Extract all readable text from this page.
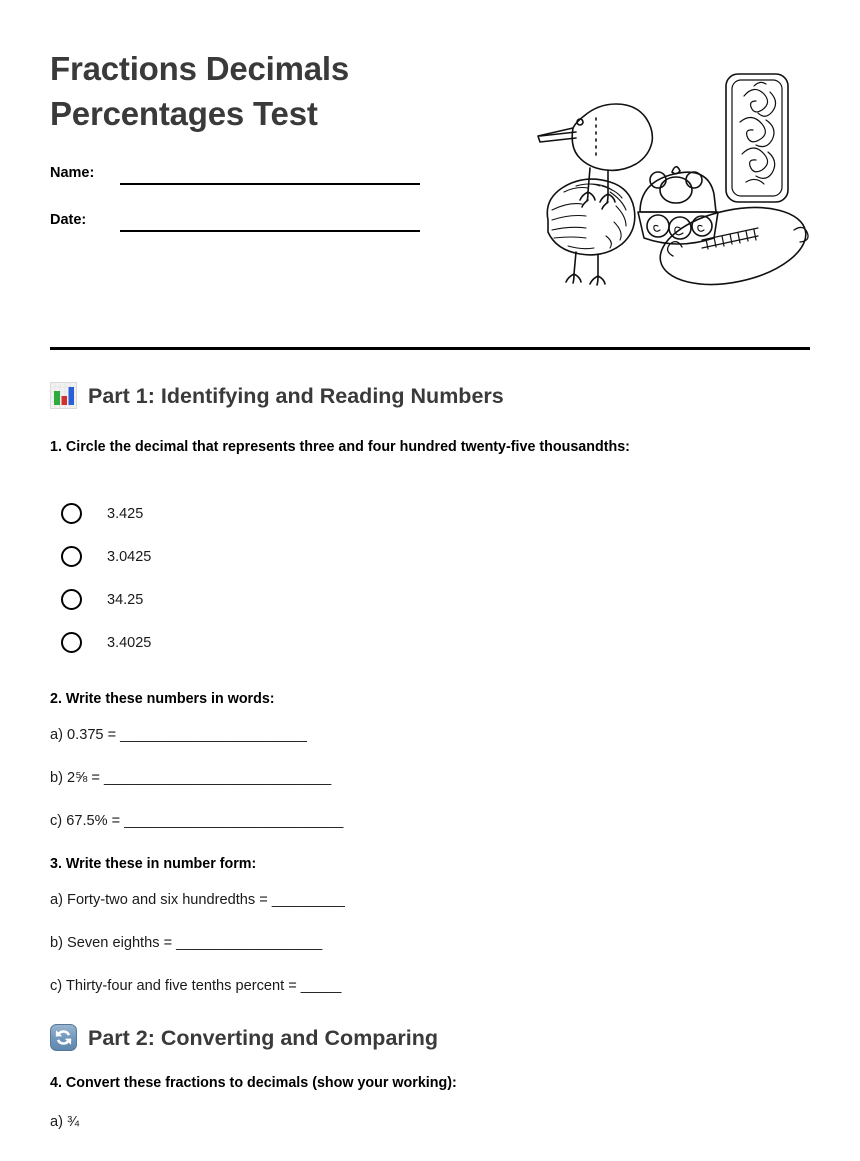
Fractions Decimals
Percentages Test
Name:
Date:
Part 1: Identifying and Reading Numbers

1. Circle the decimal that represents three and four hundred twenty-five thousandths:

3.425
3.0425
34.25
3.4025

2. Write these numbers in words:

a) 0.375 = _______________________

b) 2⅝ = ____________________________

c) 67.5% = ___________________________

3. Write these in number form:

a) Forty-two and six hundredths = _________

b) Seven eighths = __________________

c) Thirty-four and five tenths percent = _____

Part 2: Converting and Comparing

4. Convert these fractions to decimals (show your working):

a) ¾
